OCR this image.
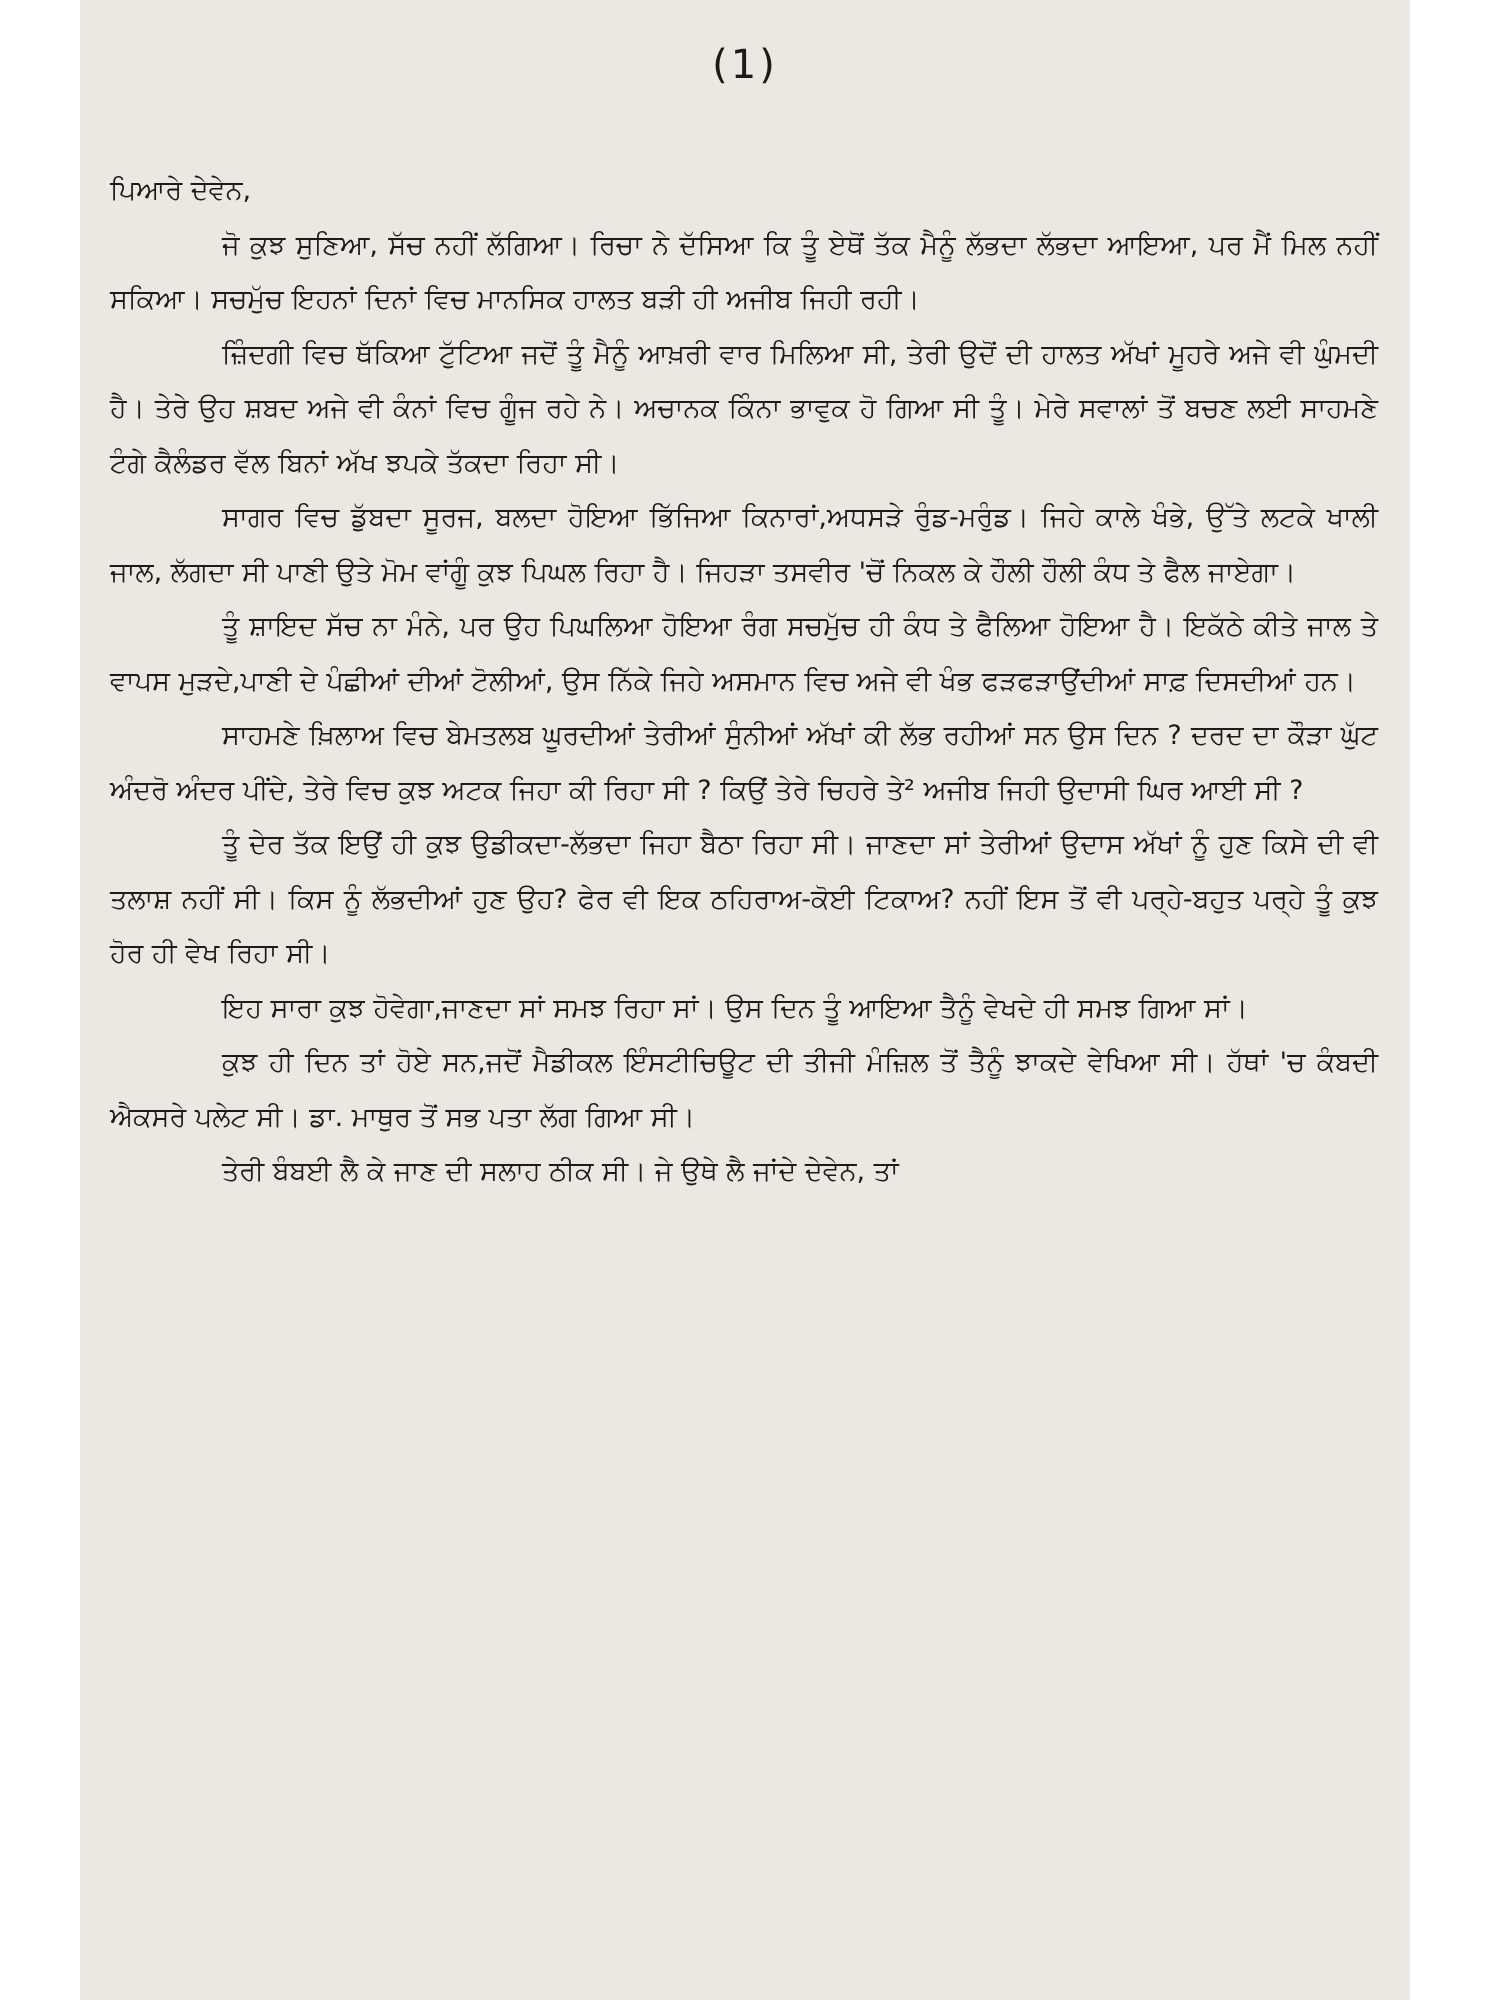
(1)

ਪਿਆਰੇ ਦੇਵੇਨ,

ਜੋ ਕੁਝ ਸੁਣਿਆ, ਸੱਚ ਨਹੀਂ ਲੱਗਿਆ। ਰਿਚਾ ਨੇ ਦੱਸਿਆ ਕਿ ਤੂੰ ਏਥੋਂ ਤੱਕ ਮੈਨੂੰ ਲੱਭਦਾ ਲੱਭਦਾ ਆਇਆ, ਪਰ ਮੈਂ ਮਿਲ ਨਹੀਂ ਸਕਿਆ। ਸਚਮੁੱਚ ਇਹਨਾਂ ਦਿਨਾਂ ਵਿਚ ਮਾਨਸਿਕ ਹਾਲਤ ਬੜੀ ਹੀ ਅਜੀਬ ਜਿਹੀ ਰਹੀ।

ਜ਼ਿੰਦਗੀ ਵਿਚ ਥੱਕਿਆ ਟੁੱਟਿਆ ਜਦੋਂ ਤੂੰ ਮੈਨੂੰ ਆਖ਼ਰੀ ਵਾਰ ਮਿਲਿਆ ਸੀ, ਤੇਰੀ ਉਦੋਂ ਦੀ ਹਾਲਤ ਅੱਖਾਂ ਮੂਹਰੇ ਅਜੇ ਵੀ ਘੁੰਮਦੀ ਹੈ। ਤੇਰੇ ਉਹ ਸ਼ਬਦ ਅਜੇ ਵੀ ਕੰਨਾਂ ਵਿਚ ਗੂੰਜ ਰਹੇ ਨੇ। ਅਚਾਨਕ ਕਿੰਨਾ ਭਾਵੁਕ ਹੋ ਗਿਆ ਸੀ ਤੂੰ। ਮੇਰੇ ਸਵਾਲਾਂ ਤੋਂ ਬਚਣ ਲਈ ਸਾਹਮਣੇ ਟੰਗੇ ਕੈਲੰਡਰ ਵੱਲ ਬਿਨਾਂ ਅੱਖ ਝਪਕੇ ਤੱਕਦਾ ਰਿਹਾ ਸੀ।

ਸਾਗਰ ਵਿਚ ਡੁੱਬਦਾ ਸੂਰਜ, ਬਲਦਾ ਹੋਇਆ ਭਿੱਜਿਆ ਕਿਨਾਰਾਂ,ਅਧਸੜੇ ਰੁੰਡ-ਮਰੁੰਡ। ਜਿਹੇ ਕਾਲੇ ਖੰਭੇ, ਉੱਤੇ ਲਟਕੇ ਖਾਲੀ ਜਾਲ, ਲੱਗਦਾ ਸੀ ਪਾਣੀ ਉਤੇ ਮੋਮ ਵਾਂਗੂੰ ਕੁਝ ਪਿਘਲ ਰਿਹਾ ਹੈ। ਜਿਹੜਾ ਤਸਵੀਰ 'ਚੋਂ ਨਿਕਲ ਕੇ ਹੌਲੀ ਹੌਲੀ ਕੰਧ ਤੇ ਫੈਲ ਜਾਏਗਾ।

ਤੂੰ ਸ਼ਾਇਦ ਸੱਚ ਨਾ ਮੰਨੇ, ਪਰ ਉਹ ਪਿਘਲਿਆ ਹੋਇਆ ਰੰਗ ਸਚਮੁੱਚ ਹੀ ਕੰਧ ਤੇ ਫੈਲਿਆ ਹੋਇਆ ਹੈ। ਇਕੱਠੇ ਕੀਤੇ ਜਾਲ ਤੇ ਵਾਪਸ ਮੁੜਦੇ,ਪਾਣੀ ਦੇ ਪੰਛੀਆਂ ਦੀਆਂ ਟੋਲੀਆਂ, ਉਸ ਨਿੱਕੇ ਜਿਹੇ ਅਸਮਾਨ ਵਿਚ ਅਜੇ ਵੀ ਖੰਭ ਫੜਫੜਾਉਂਦੀਆਂ ਸਾਫ਼ ਦਿਸਦੀਆਂ ਹਨ।

ਸਾਹਮਣੇ ਖ਼ਿਲਾਅ ਵਿਚ ਬੇਮਤਲਬ ਘੂਰਦੀਆਂ ਤੇਰੀਆਂ ਸੁੰਨੀਆਂ ਅੱਖਾਂ ਕੀ ਲੱਭ ਰਹੀਆਂ ਸਨ ਉਸ ਦਿਨ ? ਦਰਦ ਦਾ ਕੌੜਾ ਘੁੱਟ ਅੰਦਰੋ ਅੰਦਰ ਪੀਂਦੇ, ਤੇਰੇ ਵਿਚ ਕੁਝ ਅਟਕ ਜਿਹਾ ਕੀ ਰਿਹਾ ਸੀ ? ਕਿਉਂ ਤੇਰੇ ਚਿਹਰੇ ਤੇ² ਅਜੀਬ ਜਿਹੀ ਉਦਾਸੀ ਘਿਰ ਆਈ ਸੀ ?

ਤੂੰ ਦੇਰ ਤੱਕ ਇਉਂ ਹੀ ਕੁਝ ਉਡੀਕਦਾ-ਲੱਭਦਾ ਜਿਹਾ ਬੈਠਾ ਰਿਹਾ ਸੀ। ਜਾਣਦਾ ਸਾਂ ਤੇਰੀਆਂ ਉਦਾਸ ਅੱਖਾਂ ਨੂੰ ਹੁਣ ਕਿਸੇ ਦੀ ਵੀ ਤਲਾਸ਼ ਨਹੀਂ ਸੀ। ਕਿਸ ਨੂੰ ਲੱਭਦੀਆਂ ਹੁਣ ਉਹ? ਫੇਰ ਵੀ ਇਕ ਠਹਿਰਾਅ-ਕੋਈ ਟਿਕਾਅ? ਨਹੀਂ ਇਸ ਤੋਂ ਵੀ ਪਰ੍ਹੇ-ਬਹੁਤ ਪਰ੍ਹੇ ਤੂੰ ਕੁਝ ਹੋਰ ਹੀ ਵੇਖ ਰਿਹਾ ਸੀ।

ਇਹ ਸਾਰਾ ਕੁਝ ਹੋਵੇਗਾ,ਜਾਣਦਾ ਸਾਂ ਸਮਝ ਰਿਹਾ ਸਾਂ। ਉਸ ਦਿਨ ਤੂੰ ਆਇਆ ਤੈਨੂੰ ਵੇਖਦੇ ਹੀ ਸਮਝ ਗਿਆ ਸਾਂ।

ਕੁਝ ਹੀ ਦਿਨ ਤਾਂ ਹੋਏ ਸਨ,ਜਦੋਂ ਮੈਡੀਕਲ ਇੰਸਟੀਚਿਊਟ ਦੀ ਤੀਜੀ ਮੰਜ਼ਿਲ ਤੋਂ ਤੈਨੂੰ ਝਾਕਦੇ ਵੇਖਿਆ ਸੀ। ਹੱਥਾਂ 'ਚ ਕੰਬਦੀ ਐਕਸਰੇ ਪਲੇਟ ਸੀ। ਡਾ. ਮਾਥੁਰ ਤੋਂ ਸਭ ਪਤਾ ਲੱਗ ਗਿਆ ਸੀ।

ਤੇਰੀ ਬੰਬਈ ਲੈ ਕੇ ਜਾਣ ਦੀ ਸਲਾਹ ਠੀਕ ਸੀ। ਜੇ ਉਥੇ ਲੈ ਜਾਂਦੇ ਦੇਵੇਨ, ਤਾਂ
